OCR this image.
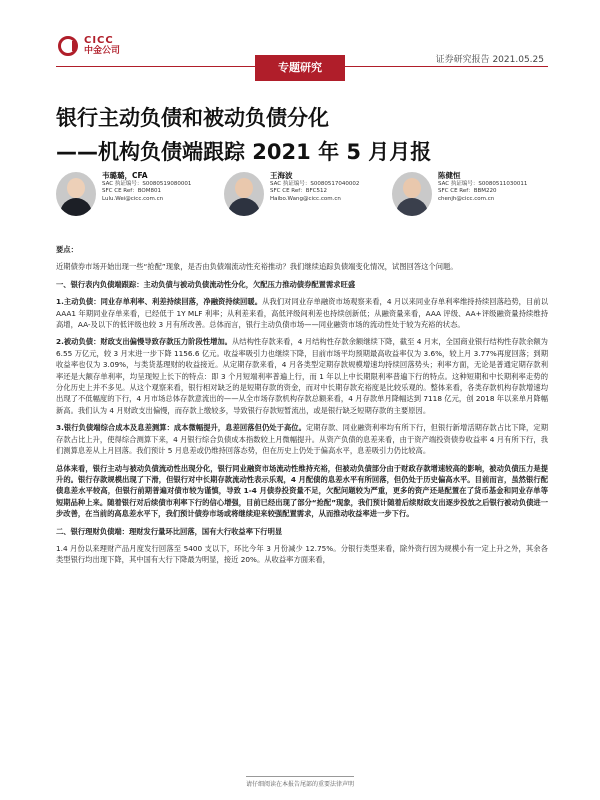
CICC
中金公司
证券研究报告 2021.05.25
专题研究
银行主动负债和被动负债分化
——机构负债端跟踪 2021 年 5 月月报
韦璐璐，CFA
SAC 执证编号：S0080519080001
SFC CE Ref：BOM801
Lulu.Wei@cicc.com.cn
王海波
SAC 执证编号：S0080517040002
SFC CE Ref：BFC512
Haibo.Wang@cicc.com.cn
陈健恒
SAC 执证编号：S0080511030011
SFC CE Ref：BBM220
chenjh@cicc.com.cn

要点：

近期债券市场开始出现一些“抢配”现象，是否由负债端流动性充裕推动？我们继续追踪负债端变化情况，试图回答这个问题。

一、银行表内负债端跟踪：主动负债与被动负债流动性分化，欠配压力推动债券配置需求旺盛

1.主动负债：同业存单利率、利差持续回落，净融资持续回暖。从我们对同业存单融资市场观察来看，4 月以来同业存单利率维持持续回落趋势，目前以 AAA1 年期同业存单来看，已经低于 1Y MLF 利率；从利差来看，高低评级间利差也持续创新低；从融资量来看，AAA 评级、AA+评级融资量持续维持高增，AA-及以下的低评级也较 3 月有所改善。总体而言，银行主动负债市场——同业融资市场的流动性处于较为充裕的状态。

2.被动负债：财政支出偏慢导致存款压力阶段性增加。从结构性存款来看，4 月结构性存款余额继续下降，截至 4 月末，全国商业银行结构性存款余额为 6.55 万亿元，较 3 月末进一步下降 1156.6 亿元。收益率吸引力也继续下降，目前市场平均预期最高收益率仅为 3.6%，较上月 3.77%再度回落；到期收益率也仅为 3.09%，与类货基理财的收益接近。从定期存款来看，4 月各类型定期存款规模增速均持续回落势头；利率方面，无论是普通定期存款利率还是大额存单利率，均呈现短上长下的特点：即 3 个月短端利率普遍上行，而 1 年以上中长期限利率普遍下行的特点。这种短期和中长期利率走势的分化历史上并不多见。从这个观察来看，银行相对缺乏的是短期存款的资金，而对中长期存款充裕度是比较乐观的。整体来看，各类存款机构存款增速均出现了不低幅度的下行，4 月市场总体存款意流出的——从全市场存款机构存款总额来看，4 月存款单月降幅达到 7118 亿元，创 2018 年以来单月降幅新高。我们认为 4 月财政支出偏慢，而存款上缴较多，导致银行存款短暂流出，或是银行缺乏短期存款的主要原因。

3.银行负债端综合成本及息差测算：成本微幅提升，息差回落但仍处于高位。定期存款、同业融资利率均有所下行，但银行新增活期存款占比下降，定期存款占比上升，使得综合测算下来，4 月银行综合负债成本指数较上月微幅提升。从资产负债的息差来看，由于资产端投资债券收益率 4 月有所下行，我们测算息差从上月回落。我们预计 5 月息差或仍维持回落态势，但在历史上仍处于偏高水平，息差吸引力仍比较高。

总体来看，银行主动与被动负债流动性出现分化，银行同业融资市场流动性维持充裕，但被动负债部分由于财政存款增速较高的影响，被动负债压力是提升的。银行存款规模出现了下滑，但银行对中长期存款流动性表示乐观，4 月配债的息差水平有所回落，但仍处于历史偏高水平。目前而言，虽然银行配债息差水平较高，但银行前期普遍对债市较为谨慎，导致 1-4 月债券投资量不足，欠配问题较为严重，更多的资产还是配置在了货币基金和同业存单等短期品种上来。随着银行对后续债市利率下行的信心增强，目前已经出现了部分“抢配”现象，我们预计随着后续财政支出逐步投放之后银行被动负债进一步改善，在当前的高息差水平下，我们预计债券市场或将继续迎来较强配置需求，从而推动收益率进一步下行。

二、银行理财负债端：理财发行量环比回落，国有大行收益率下行明显

1.4 月份以来理财产品月度发行回落至 5400 支以下，环比今年 3 月份减少 12.75%。分银行类型来看，除外资行因为规模小有一定上升之外，其余各类型银行均出现下降，其中国有大行下降最为明显，接近 20%。从收益率方面来看，

请仔细阅读在本报告尾部的重要法律声明
